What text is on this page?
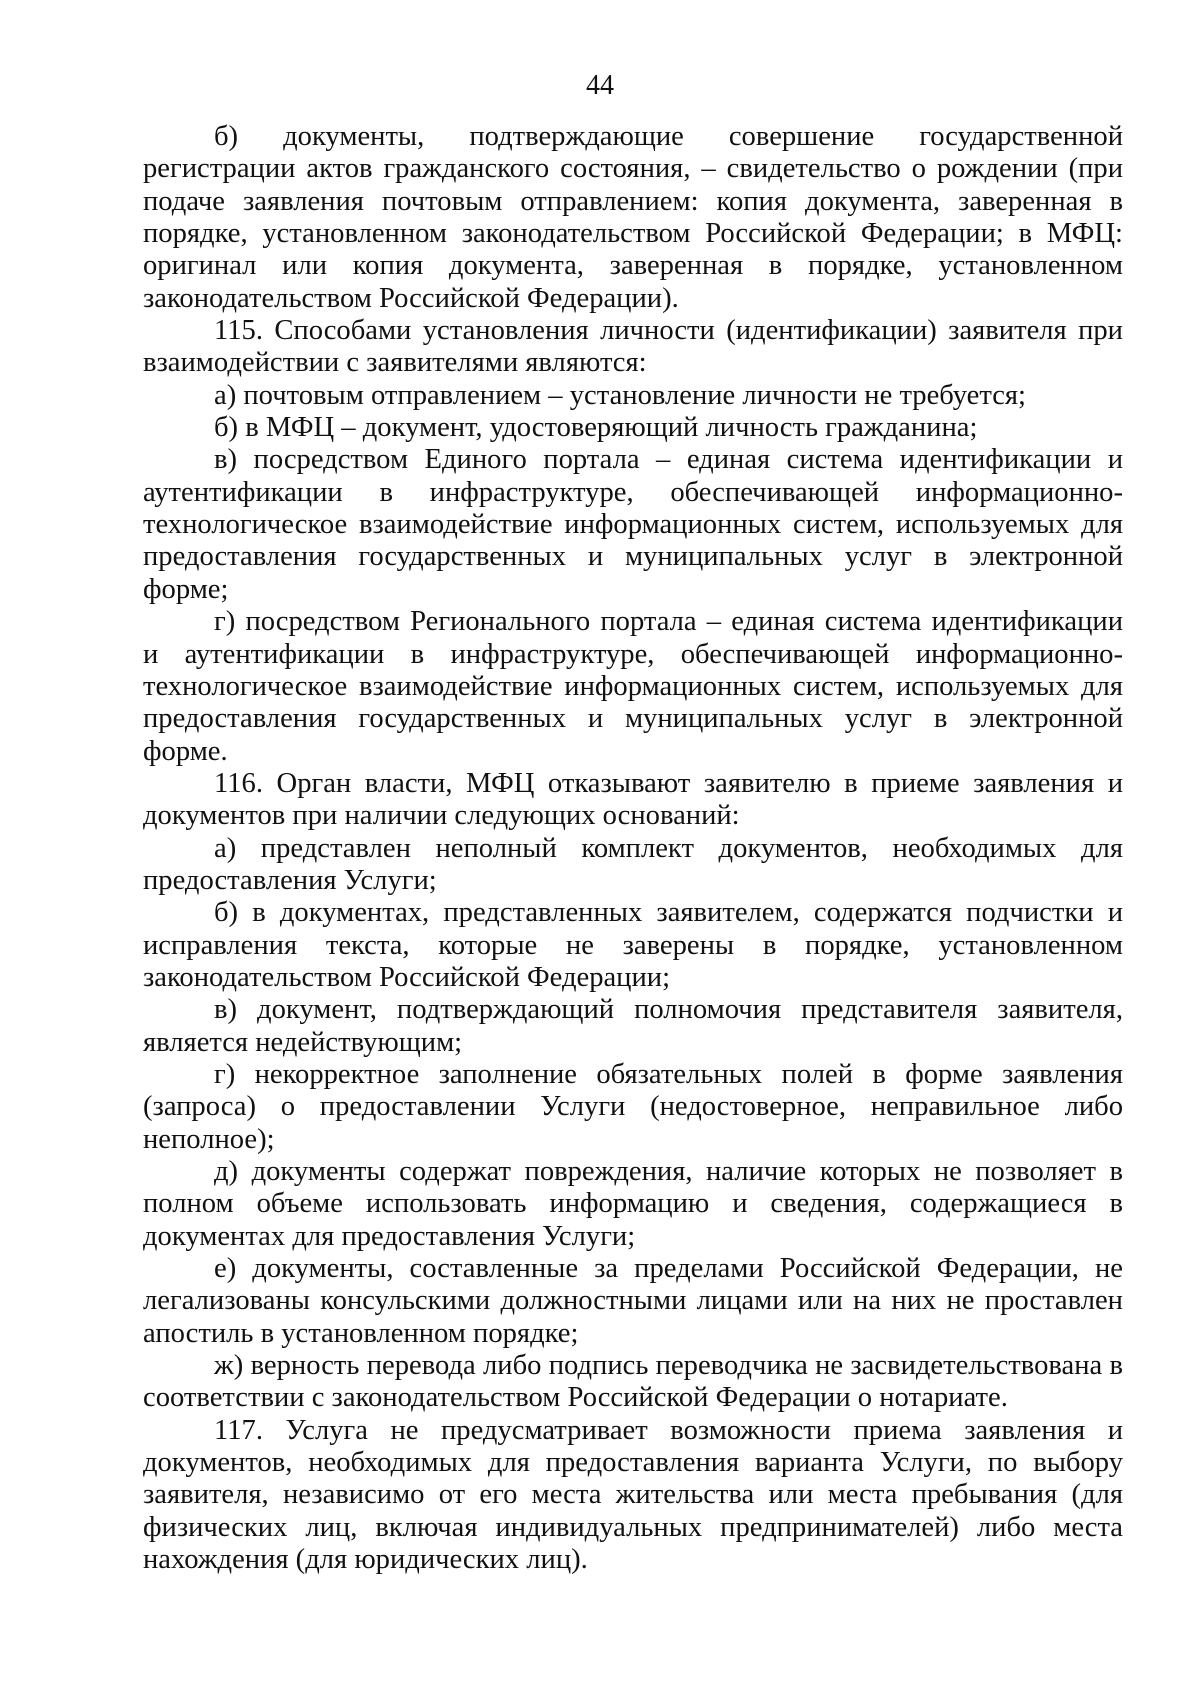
44

б) документы, подтверждающие совершение государственной регистрации актов гражданского состояния, – свидетельство о рождении (при подаче заявления почтовым отправлением: копия документа, заверенная в порядке, установленном законодательством Российской Федерации; в МФЦ: оригинал или копия документа, заверенная в порядке, установленном законодательством Российской Федерации).

115. Способами установления личности (идентификации) заявителя при взаимодействии с заявителями являются:

а) почтовым отправлением – установление личности не требуется;

б) в МФЦ – документ, удостоверяющий личность гражданина;

в) посредством Единого портала – единая система идентификации и аутентификации в инфраструктуре, обеспечивающей информационно-технологическое взаимодействие информационных систем, используемых для предоставления государственных и муниципальных услуг в электронной форме;

г) посредством Регионального портала – единая система идентификации и аутентификации в инфраструктуре, обеспечивающей информационно-технологическое взаимодействие информационных систем, используемых для предоставления государственных и муниципальных услуг в электронной форме.

116. Орган власти, МФЦ отказывают заявителю в приеме заявления и документов при наличии следующих оснований:

а) представлен неполный комплект документов, необходимых для предоставления Услуги;

б) в документах, представленных заявителем, содержатся подчистки и исправления текста, которые не заверены в порядке, установленном законодательством Российской Федерации;

в) документ, подтверждающий полномочия представителя заявителя, является недействующим;

г) некорректное заполнение обязательных полей в форме заявления (запроса) о предоставлении Услуги (недостоверное, неправильное либо неполное);

д) документы содержат повреждения, наличие которых не позволяет в полном объеме использовать информацию и сведения, содержащиеся в документах для предоставления Услуги;

е) документы, составленные за пределами Российской Федерации, не легализованы консульскими должностными лицами или на них не проставлен апостиль в установленном порядке;

ж) верность перевода либо подпись переводчика не засвидетельствована в соответствии с законодательством Российской Федерации о нотариате.

117. Услуга не предусматривает возможности приема заявления и документов, необходимых для предоставления варианта Услуги, по выбору заявителя, независимо от его места жительства или места пребывания (для физических лиц, включая индивидуальных предпринимателей) либо места нахождения (для юридических лиц).
